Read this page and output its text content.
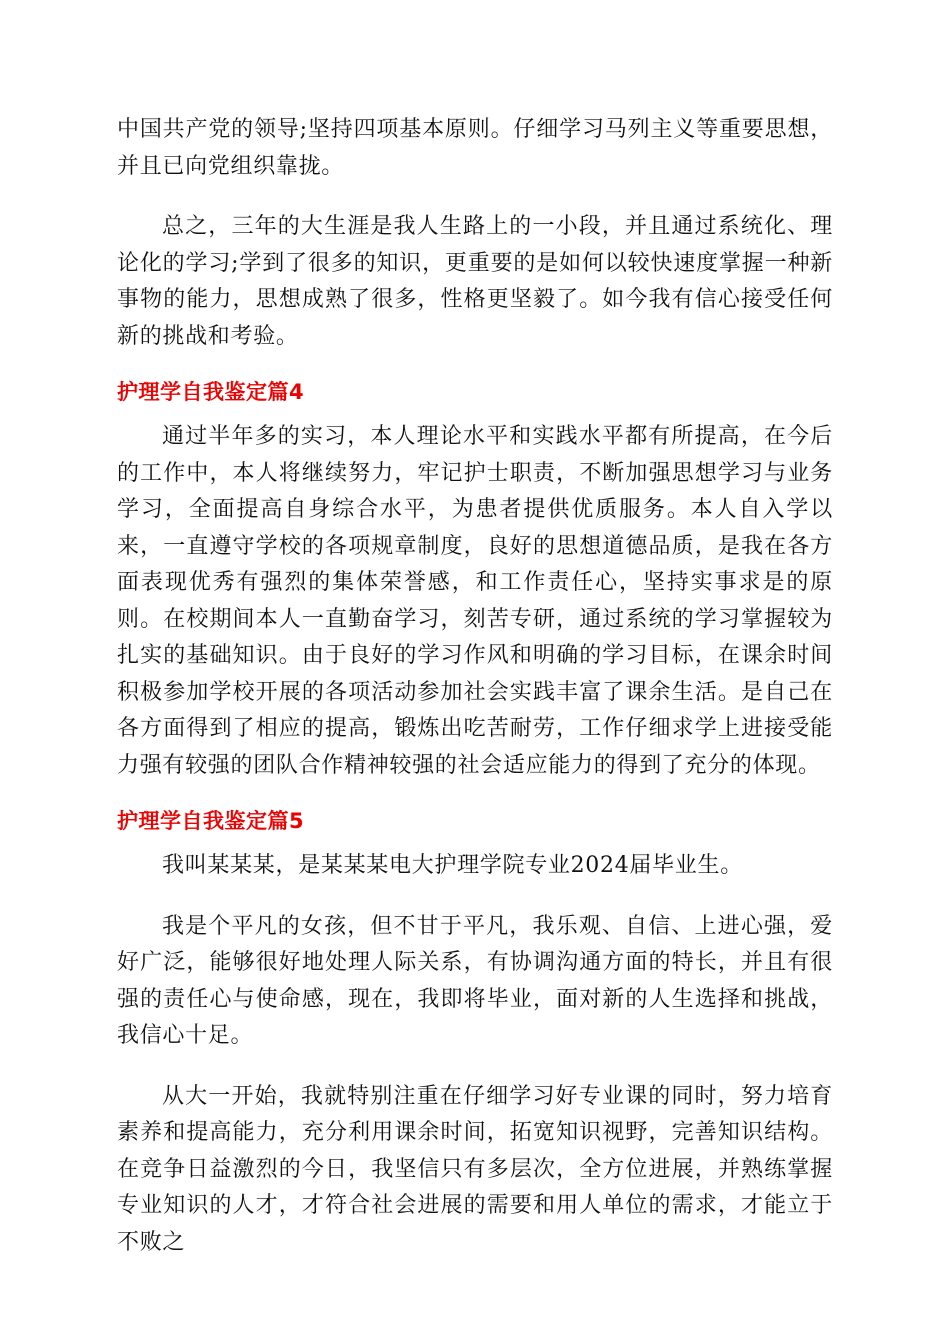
中国共产党的领导;坚持四项基本原则。仔细学习马列主义等重要思想，并且已向党组织靠拢。

总之，三年的大生涯是我人生路上的一小段，并且通过系统化、理论化的学习;学到了很多的知识，更重要的是如何以较快速度掌握一种新事物的能力，思想成熟了很多，性格更坚毅了。如今我有信心接受任何新的挑战和考验。

护理学自我鉴定篇4

通过半年多的实习，本人理论水平和实践水平都有所提高，在今后的工作中，本人将继续努力，牢记护士职责，不断加强思想学习与业务学习，全面提高自身综合水平，为患者提供优质服务。本人自入学以来，一直遵守学校的各项规章制度，良好的思想道德品质，是我在各方面表现优秀有强烈的集体荣誉感，和工作责任心，坚持实事求是的原则。在校期间本人一直勤奋学习，刻苦专研，通过系统的学习掌握较为扎实的基础知识。由于良好的学习作风和明确的学习目标，在课余时间积极参加学校开展的各项活动参加社会实践丰富了课余生活。是自己在各方面得到了相应的提高，锻炼出吃苦耐劳，工作仔细求学上进接受能力强有较强的团队合作精神较强的社会适应能力的得到了充分的体现。

护理学自我鉴定篇5

我叫某某某，是某某某电大护理学院专业2024届毕业生。

我是个平凡的女孩，但不甘于平凡，我乐观、自信、上进心强，爱好广泛，能够很好地处理人际关系，有协调沟通方面的特长，并且有很强的责任心与使命感，现在，我即将毕业，面对新的人生选择和挑战，我信心十足。

从大一开始，我就特别注重在仔细学习好专业课的同时，努力培育素养和提高能力，充分利用课余时间，拓宽知识视野，完善知识结构。在竞争日益激烈的今日，我坚信只有多层次，全方位进展，并熟练掌握专业知识的人才，才符合社会进展的需要和用人单位的需求，才能立于不败之
